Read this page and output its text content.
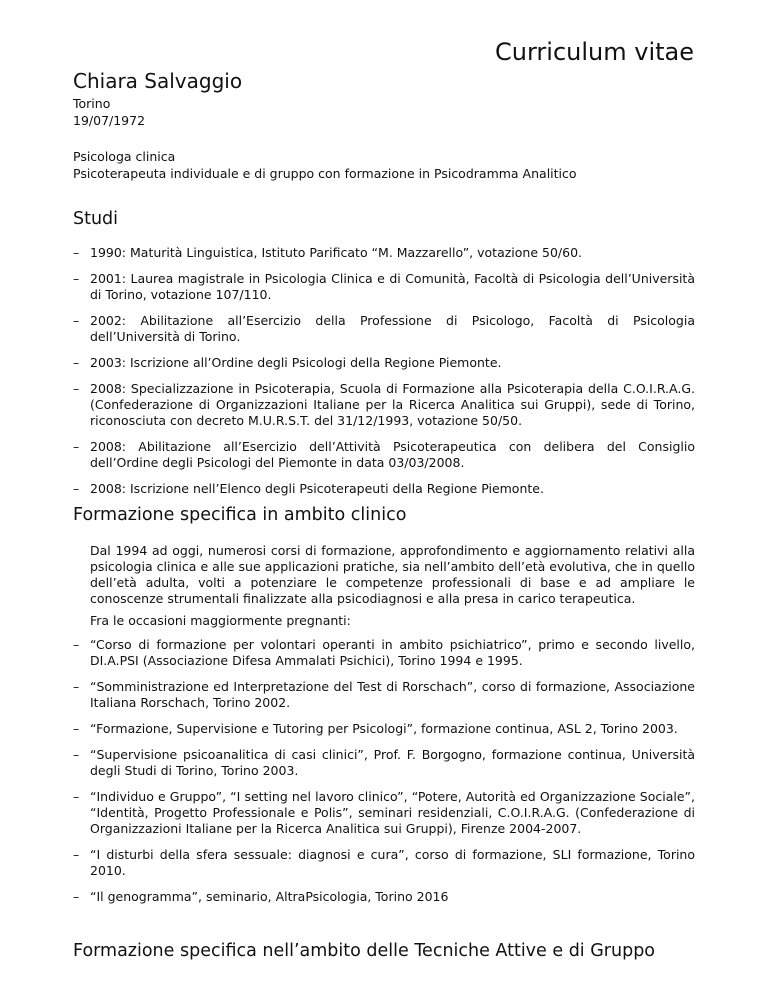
Curriculum vitae
Chiara Salvaggio
Torino
19/07/1972
Psicologa clinica
Psicoterapeuta individuale e di gruppo con formazione in Psicodramma Analitico
Studi
– 1990: Maturità Linguistica, Istituto Parificato “M. Mazzarello”, votazione 50/60.
– 2001: Laurea magistrale in Psicologia Clinica e di Comunità, Facoltà di Psicologia dell’Università di Torino, votazione 107/110.
– 2002: Abilitazione all’Esercizio della Professione di Psicologo, Facoltà di Psicologia dell’Università di Torino.
– 2003: Iscrizione all’Ordine degli Psicologi della Regione Piemonte.
– 2008: Specializzazione in Psicoterapia, Scuola di Formazione alla Psicoterapia della C.O.I.R.A.G. (Confederazione di Organizzazioni Italiane per la Ricerca Analitica sui Gruppi), sede di Torino, riconosciuta con decreto M.U.R.S.T. del 31/12/1993, votazione 50/50.
– 2008: Abilitazione all’Esercizio dell’Attività Psicoterapeutica con delibera del Consiglio dell’Ordine degli Psicologi del Piemonte in data 03/03/2008.
– 2008: Iscrizione nell’Elenco degli Psicoterapeuti della Regione Piemonte.
Formazione specifica in ambito clinico
Dal 1994 ad oggi, numerosi corsi di formazione, approfondimento e aggiornamento relativi alla psicologia clinica e alle sue applicazioni pratiche, sia nell’ambito dell’età evolutiva, che in quello dell’età adulta, volti a potenziare le competenze professionali di base e ad ampliare le conoscenze strumentali finalizzate alla psicodiagnosi e alla presa in carico terapeutica.
Fra le occasioni maggiormente pregnanti:
– “Corso di formazione per volontari operanti in ambito psichiatrico”, primo e secondo livello, DI.A.PSI (Associazione Difesa Ammalati Psichici), Torino 1994 e 1995.
– “Somministrazione ed Interpretazione del Test di Rorschach”, corso di formazione, Associazione Italiana Rorschach, Torino 2002.
– “Formazione, Supervisione e Tutoring per Psicologi”, formazione continua, ASL 2, Torino 2003.
– “Supervisione psicoanalitica di casi clinici”, Prof. F. Borgogno, formazione continua, Università degli Studi di Torino, Torino 2003.
– “Individuo e Gruppo”, “I setting nel lavoro clinico”, “Potere, Autorità ed Organizzazione Sociale”, “Identità, Progetto Professionale e Polis”, seminari residenziali, C.O.I.R.A.G. (Confederazione di Organizzazioni Italiane per la Ricerca Analitica sui Gruppi), Firenze 2004-2007.
– “I disturbi della sfera sessuale: diagnosi e cura”, corso di formazione, SLI formazione, Torino 2010.
– “Il genogramma”, seminario, AltraPsicologia, Torino 2016
Formazione specifica nell’ambito delle Tecniche Attive e di Gruppo
